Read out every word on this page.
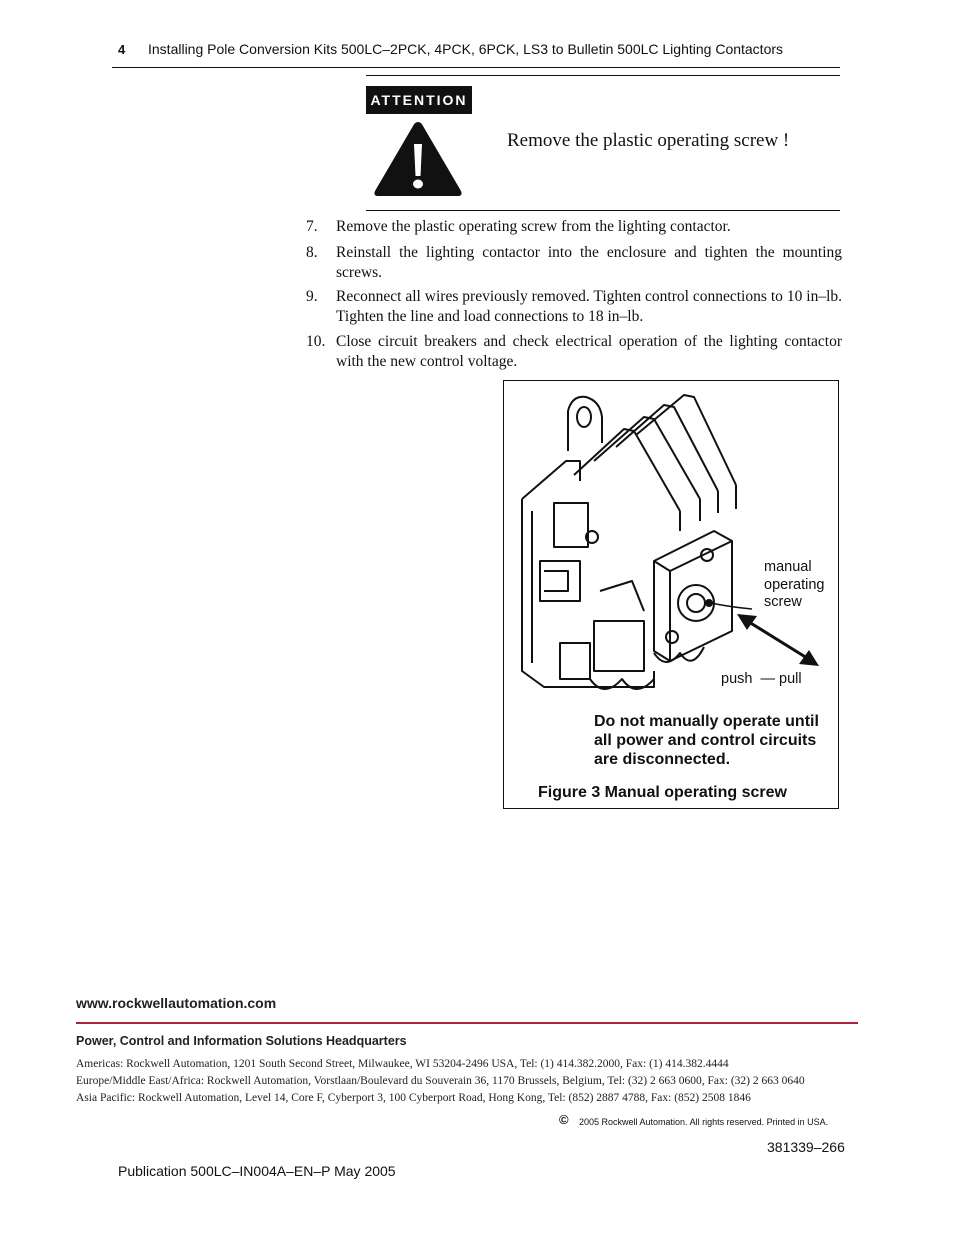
4 Installing Pole Conversion Kits 500LC–2PCK, 4PCK, 6PCK, LS3 to Bulletin 500LC Lighting Contactors
ATTENTION
Remove the plastic operating screw !
7.	Remove the plastic operating screw from the lighting contactor.
8.	Reinstall the lighting contactor into the enclosure and tighten the mounting screws.
9.	Reconnect all wires previously removed. Tighten control connections to 10 in–lb. Tighten the line and load connections to 18 in–lb.
10. Close circuit breakers and check electrical operation of the lighting contactor with the new control voltage.
manual
operating
screw
push  — pull
Do not manually operate until all power and control circuits are disconnected.
Figure 3 Manual operating screw
www.rockwellautomation.com
Power, Control and Information Solutions Headquarters
Americas: Rockwell Automation, 1201 South Second Street, Milwaukee, WI 53204-2496 USA, Tel: (1) 414.382.2000, Fax: (1) 414.382.4444
Europe/Middle East/Africa: Rockwell Automation, Vorstlaan/Boulevard du Souverain 36, 1170 Brussels, Belgium, Tel: (32) 2 663 0600, Fax: (32) 2 663 0640
Asia Pacific: Rockwell Automation, Level 14, Core F, Cyberport 3, 100 Cyberport Road, Hong Kong, Tel: (852) 2887 4788, Fax: (852) 2508 1846
© 2005 Rockwell Automation. All rights reserved. Printed in USA.
381339–266
Publication 500LC–IN004A–EN–P May 2005
